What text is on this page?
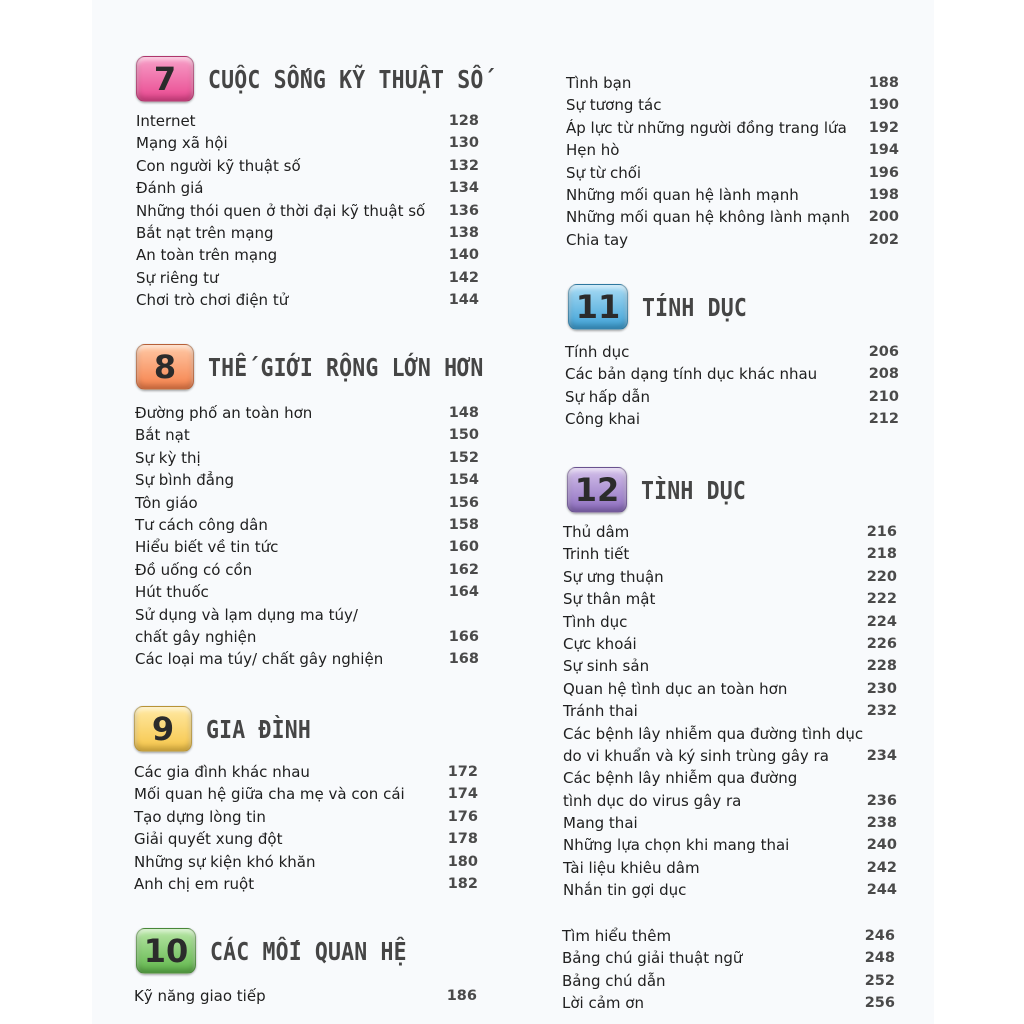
7	CUỘC SỐNG KỸ THUẬT SỐ
Internet	128
Mạng xã hội	130
Con người kỹ thuật số	132
Đánh giá	134
Những thói quen ở thời đại kỹ thuật số 136
Bắt nạt trên mạng	138
An toàn trên mạng	140
Sự riêng tư	142
Chơi trò chơi điện tử	144
8	THẾ GIỚI RỘNG LỚN HƠN
Đường phố an toàn hơn	148
Bắt nạt	150
Sự kỳ thị	152
Sự bình đẳng	154
Tôn giáo	156
Tư cách công dân	158
Hiểu biết về tin tức	160
Đồ uống có cồn	162
Hút thuốc	164
Sử dụng và lạm dụng ma túy/
chất gây nghiện	166
Các loại ma túy/ chất gây nghiện	168
9	GIA ĐÌNH
Các gia đình khác nhau	172
Mối quan hệ giữa cha mẹ và con cái	174
Tạo dựng lòng tin	176
Giải quyết xung đột	178
Những sự kiện khó khăn	180
Anh chị em ruột	182
10 CÁC MỐI QUAN HỆ
Kỹ năng giao tiếp	186
Tình bạn	188
Sự tương tác	190
Áp lực từ những người đồng trang lứa 192
Hẹn hò	194
Sự từ chối	196
Những mối quan hệ lành mạnh	198
Những mối quan hệ không lành mạnh 200
Chia tay	202
11 TÍNH DỤC
Tính dục	206
Các bản dạng tính dục khác nhau	208
Sự hấp dẫn	210
Công khai	212
12 TÌNH DỤC
Thủ dâm	216
Trinh tiết	218
Sự ưng thuận	220
Sự thân mật	222
Tình dục	224
Cực khoái	226
Sự sinh sản	228
Quan hệ tình dục an toàn hơn	230
Tránh thai	232
Các bệnh lây nhiễm qua đường tình dục
do vi khuẩn và ký sinh trùng gây ra	234
Các bệnh lây nhiễm qua đường
tình dục do virus gây ra	236
Mang thai	238
Những lựa chọn khi mang thai	240
Tài liệu khiêu dâm	242
Nhắn tin gợi dục	244
Tìm hiểu thêm	246
Bảng chú giải thuật ngữ	248
Bảng chú dẫn	252
Lời cảm ơn	256
